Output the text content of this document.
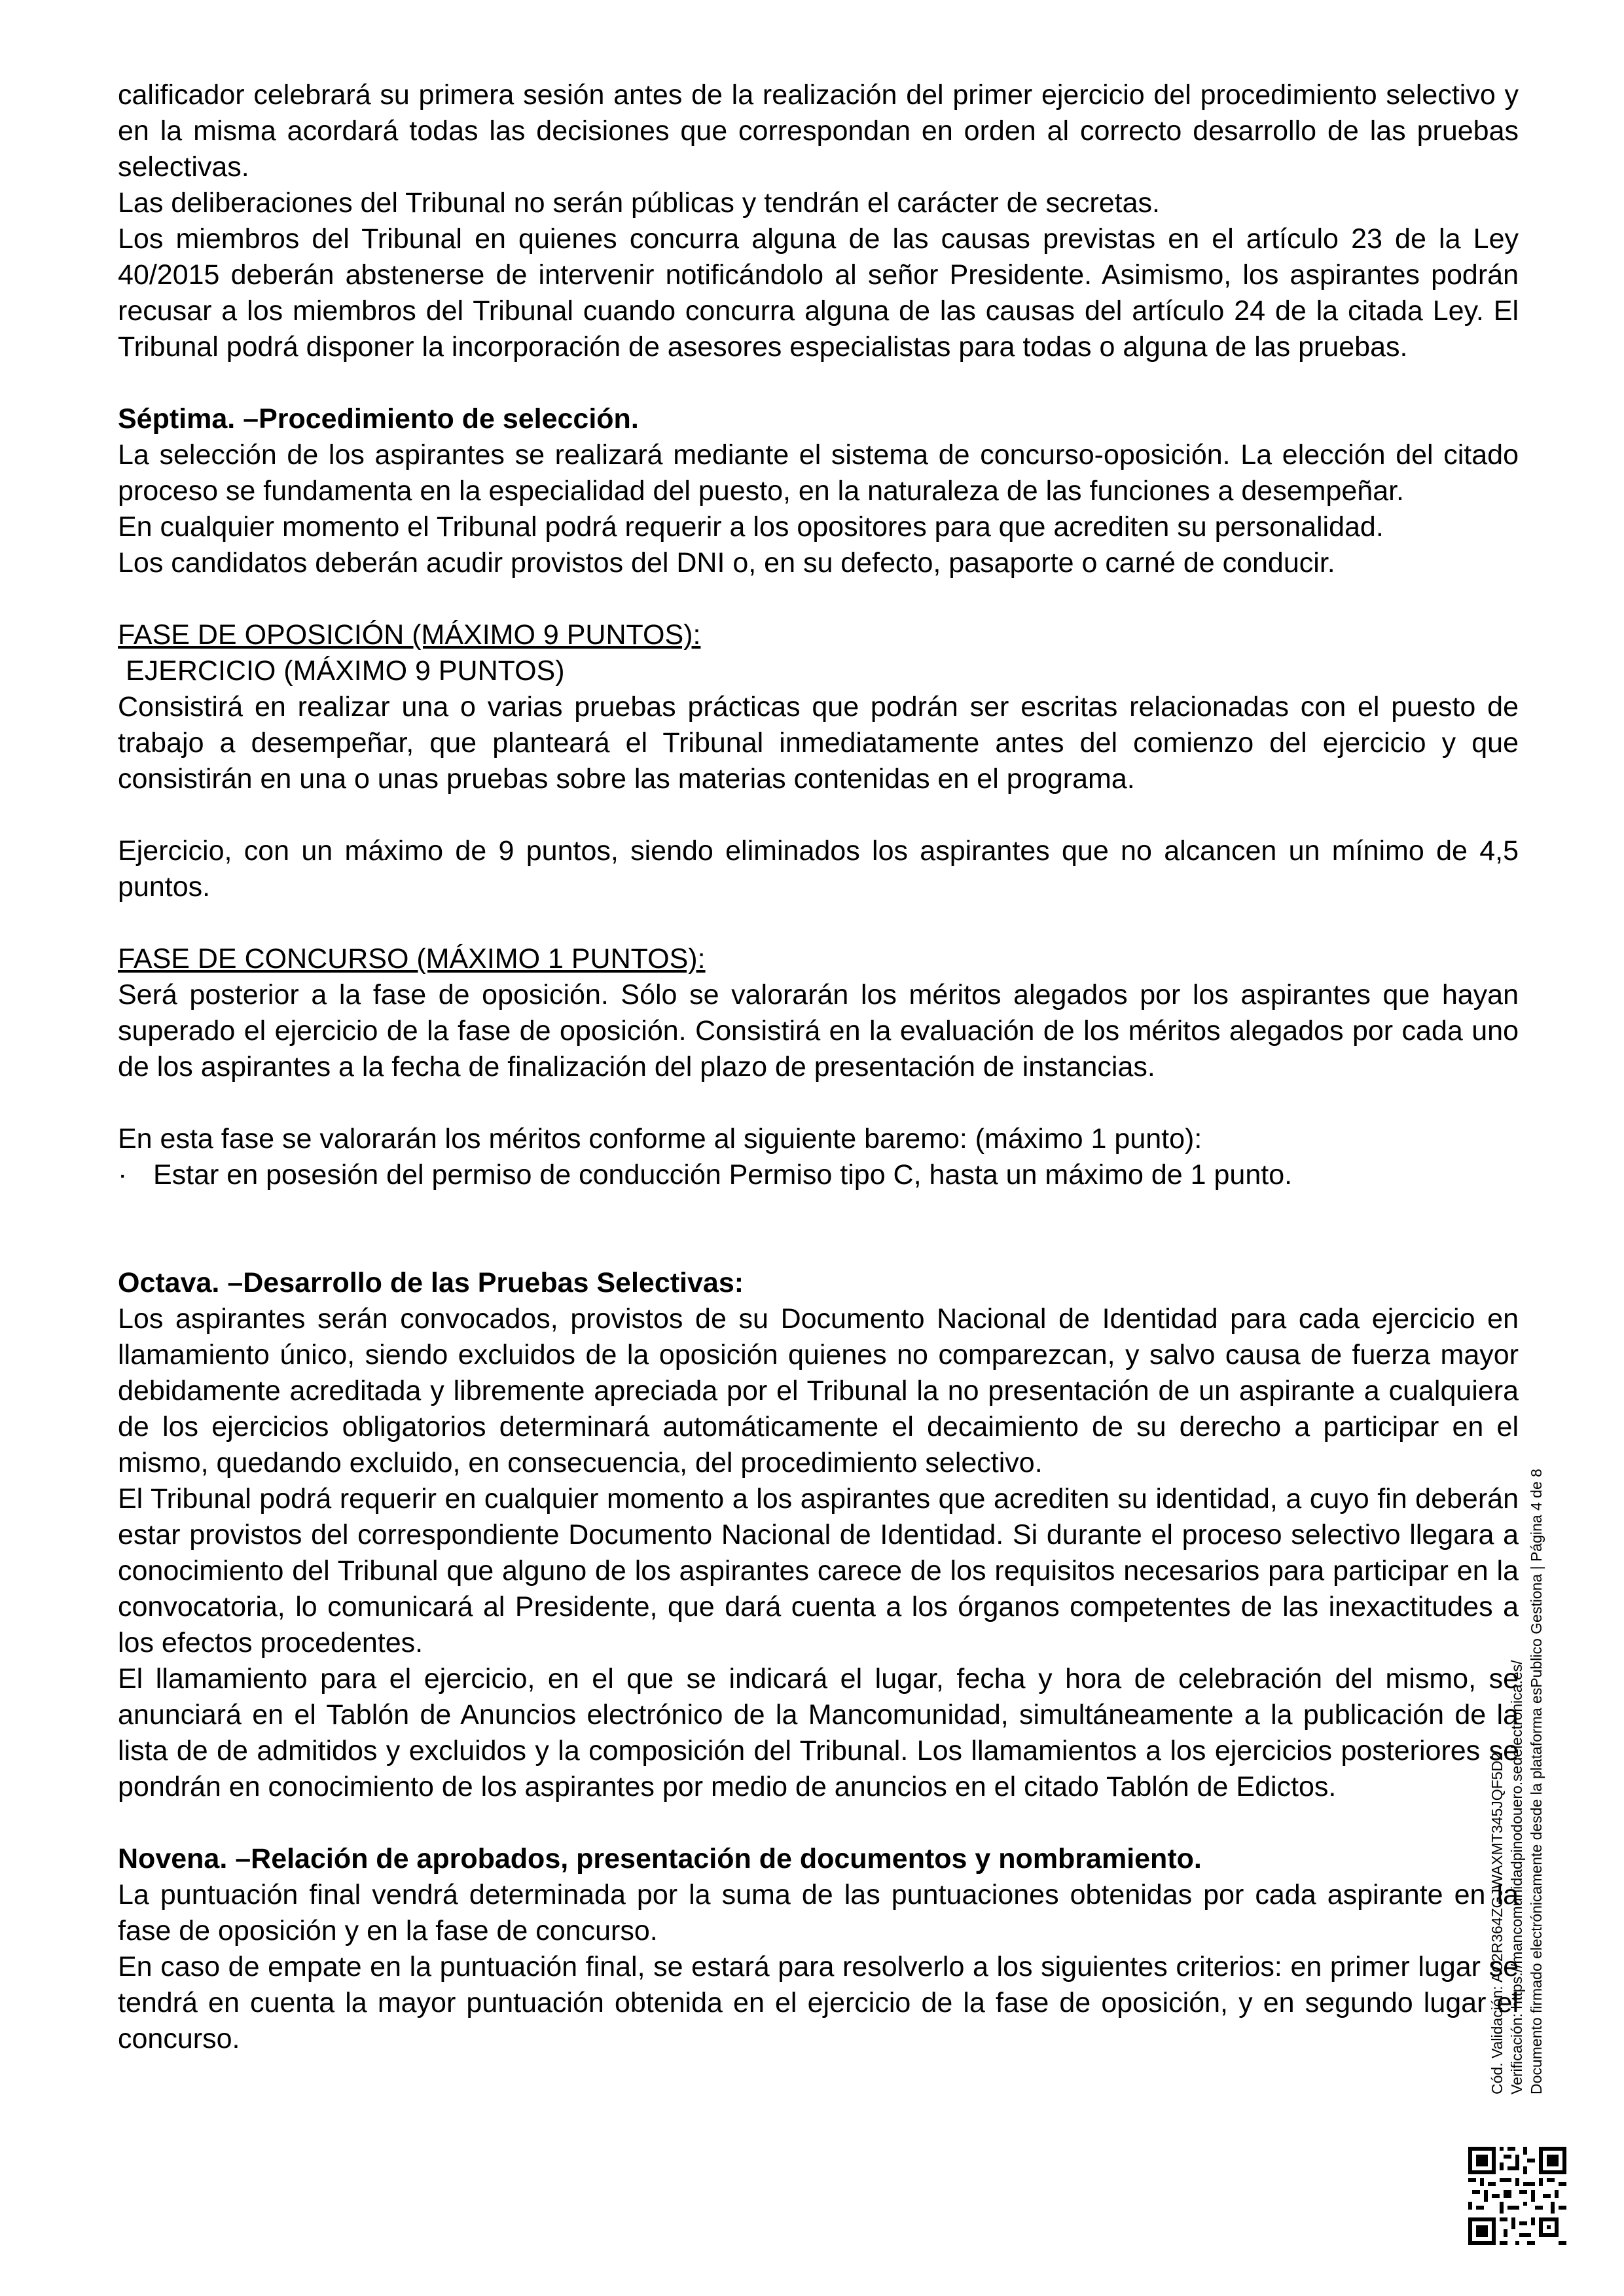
calificador celebrará su primera sesión antes de la realización del primer ejercicio del procedimiento selectivo y en la misma acordará todas las decisiones que correspondan en orden al correcto desarrollo de las pruebas selectivas.

Las deliberaciones del Tribunal no serán públicas y tendrán el carácter de secretas.

Los miembros del Tribunal en quienes concurra alguna de las causas previstas en el artículo 23 de la Ley 40/2015 deberán abstenerse de intervenir notificándolo al señor Presidente. Asimismo, los aspirantes podrán recusar a los miembros del Tribunal cuando concurra alguna de las causas del artículo 24 de la citada Ley. El Tribunal podrá disponer la incorporación de asesores especialistas para todas o alguna de las pruebas.

Séptima. –Procedimiento de selección.

La selección de los aspirantes se realizará mediante el sistema de concurso-oposición. La elección del citado proceso se fundamenta en la especialidad del puesto, en la naturaleza de las funciones a desempeñar.

En cualquier momento el Tribunal podrá requerir a los opositores para que acrediten su personalidad.

Los candidatos deberán acudir provistos del DNI o, en su defecto, pasaporte o carné de conducir.

FASE DE OPOSICIÓN (MÁXIMO 9 PUNTOS):

EJERCICIO (MÁXIMO 9 PUNTOS)

Consistirá en realizar una o varias pruebas prácticas que podrán ser escritas relacionadas con el puesto de trabajo a desempeñar, que planteará el Tribunal inmediatamente antes del comienzo del ejercicio y que consistirán en una o unas pruebas sobre las materias contenidas en el programa.

Ejercicio, con un máximo de 9 puntos, siendo eliminados los aspirantes que no alcancen un mínimo de 4,5 puntos.

FASE DE CONCURSO (MÁXIMO 1 PUNTOS):

Será posterior a la fase de oposición. Sólo se valorarán los méritos alegados por los aspirantes que hayan superado el ejercicio de la fase de oposición. Consistirá en la evaluación de los méritos alegados por cada uno de los aspirantes a la fecha de finalización del plazo de presentación de instancias.

En esta fase se valorarán los méritos conforme al siguiente baremo: (máximo 1 punto):

· Estar en posesión del permiso de conducción Permiso tipo C, hasta un máximo de 1 punto.

Octava. –Desarrollo de las Pruebas Selectivas:

Los aspirantes serán convocados, provistos de su Documento Nacional de Identidad para cada ejercicio en llamamiento único, siendo excluidos de la oposición quienes no comparezcan, y salvo causa de fuerza mayor debidamente acreditada y libremente apreciada por el Tribunal la no presentación de un aspirante a cualquiera de los ejercicios obligatorios determinará automáticamente el decaimiento de su derecho a participar en el mismo, quedando excluido, en consecuencia, del procedimiento selectivo.

El Tribunal podrá requerir en cualquier momento a los aspirantes que acrediten su identidad, a cuyo fin deberán estar provistos del correspondiente Documento Nacional de Identidad. Si durante el proceso selectivo llegara a conocimiento del Tribunal que alguno de los aspirantes carece de los requisitos necesarios para participar en la convocatoria, lo comunicará al Presidente, que dará cuenta a los órganos competentes de las inexactitudes a los efectos procedentes.

El llamamiento para el ejercicio, en el que se indicará el lugar, fecha y hora de celebración del mismo, se anunciará en el Tablón de Anuncios electrónico de la Mancomunidad, simultáneamente a la publicación de la lista de de admitidos y excluidos y la composición del Tribunal. Los llamamientos a los ejercicios posteriores se pondrán en conocimiento de los aspirantes por medio de anuncios en el citado Tablón de Edictos.

Novena. –Relación de aprobados, presentación de documentos y nombramiento.

La puntuación final vendrá determinada por la suma de las puntuaciones obtenidas por cada aspirante en la fase de oposición y en la fase de concurso.

En caso de empate en la puntuación final, se estará para resolverlo a los siguientes criterios: en primer lugar se tendrá en cuenta la mayor puntuación obtenida en el ejercicio de la fase de oposición, y en segundo lugar el concurso.	Cód. Validación: AC2R364ZGJWAXMT345JQF5D2 Verificación: https://mancomunidadpinodouero.sedelectronica.es/ Documento firmado electrónicamente desde la plataforma esPublico Gestiona | Página 4 de 8
